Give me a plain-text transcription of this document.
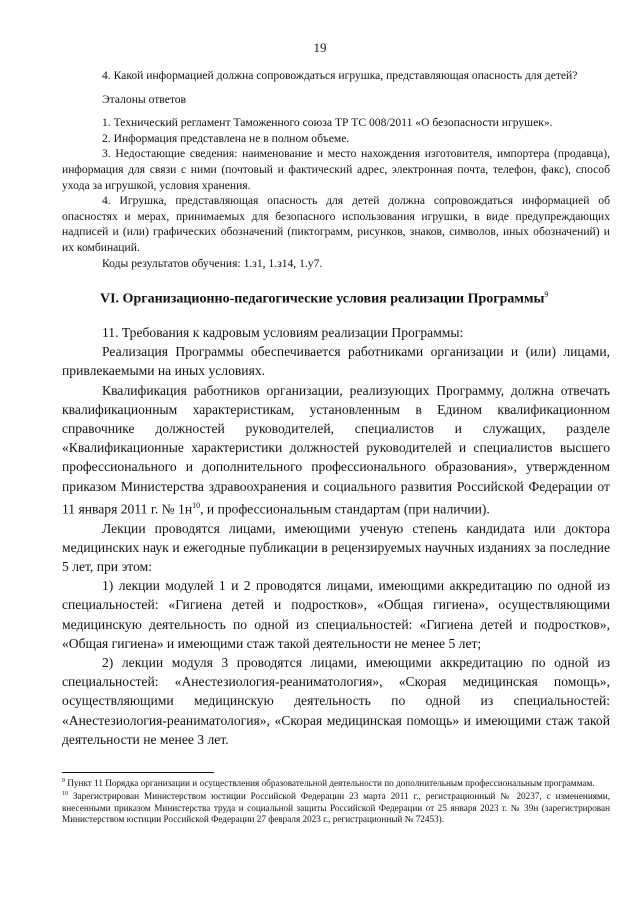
19

4. Какой информацией должна сопровождаться игрушка, представляющая опасность для детей?

Эталоны ответов

1. Технический регламент Таможенного союза ТР ТС 008/2011 «О безопасности игрушек».

2. Информация представлена не в полном объеме.

3. Недостающие сведения: наименование и место нахождения изготовителя, импортера (продавца), информация для связи с ними (почтовый и фактический адрес, электронная почта, телефон, факс), способ ухода за игрушкой, условия хранения.

4. Игрушка, представляющая опасность для детей должна сопровождаться информацией об опасностях и мерах, принимаемых для безопасного использования игрушки, в виде предупреждающих надписей и (или) графических обозначений (пиктограмм, рисунков, знаков, символов, иных обозначений) и их комбинаций.

Коды результатов обучения: 1.з1, 1.з14, 1.у7.

VI. Организационно-педагогические условия реализации Программы$^9$

11. Требования к кадровым условиям реализации Программы:

Реализация Программы обеспечивается работниками организации и (или) лицами, привлекаемыми на иных условиях.

Квалификация работников организации, реализующих Программу, должна отвечать квалификационным характеристикам, установленным в Едином квалификационном справочнике должностей руководителей, специалистов и служащих, разделе «Квалификационные характеристики должностей руководителей и специалистов высшего профессионального и дополнительного профессионального образования», утвержденном приказом Министерства здравоохранения и социального развития Российской Федерации от 11 января 2011 г. № $1н^{10}$, и профессиональным стандартам (при наличии).

Лекции проводятся лицами, имеющими ученую степень кандидата или доктора медицинских наук и ежегодные публикации в рецензируемых научных изданиях за последние 5 лет, при этом:

1) лекции модулей 1 и 2 проводятся лицами, имеющими аккредитацию по одной из специальностей: «Гигиена детей и подростков», «Общая гигиена», осуществляющими медицинскую деятельность по одной из специальностей: «Гигиена детей и подростков», «Общая гигиена» и имеющими стаж такой деятельности не менее 5 лет;

2) лекции модуля 3 проводятся лицами, имеющими аккредитацию по одной из специальностей: «Анестезиология-реаниматология», «Скорая медицинская помощь», осуществляющими медицинскую деятельность по одной из специальностей: «Анестезиология-реаниматология», «Скорая медицинская помощь» и имеющими стаж такой деятельности не менее 3 лет.

$^9$ Пункт 11 Порядка организации и осуществления образовательной деятельности по дополнительным профессиональным программам.

$^{10}$ Зарегистрирован Министерством юстиции Российской Федерации 23 марта 2011 г., регистрационный № 20237, с изменениями, внесенными приказом Министерства труда и социальной защиты Российской Федерации от 25 января 2023 г. № 39н (зарегистрирован Министерством юстиции Российской Федерации 27 февраля 2023 г., регистрационный № 72453).
